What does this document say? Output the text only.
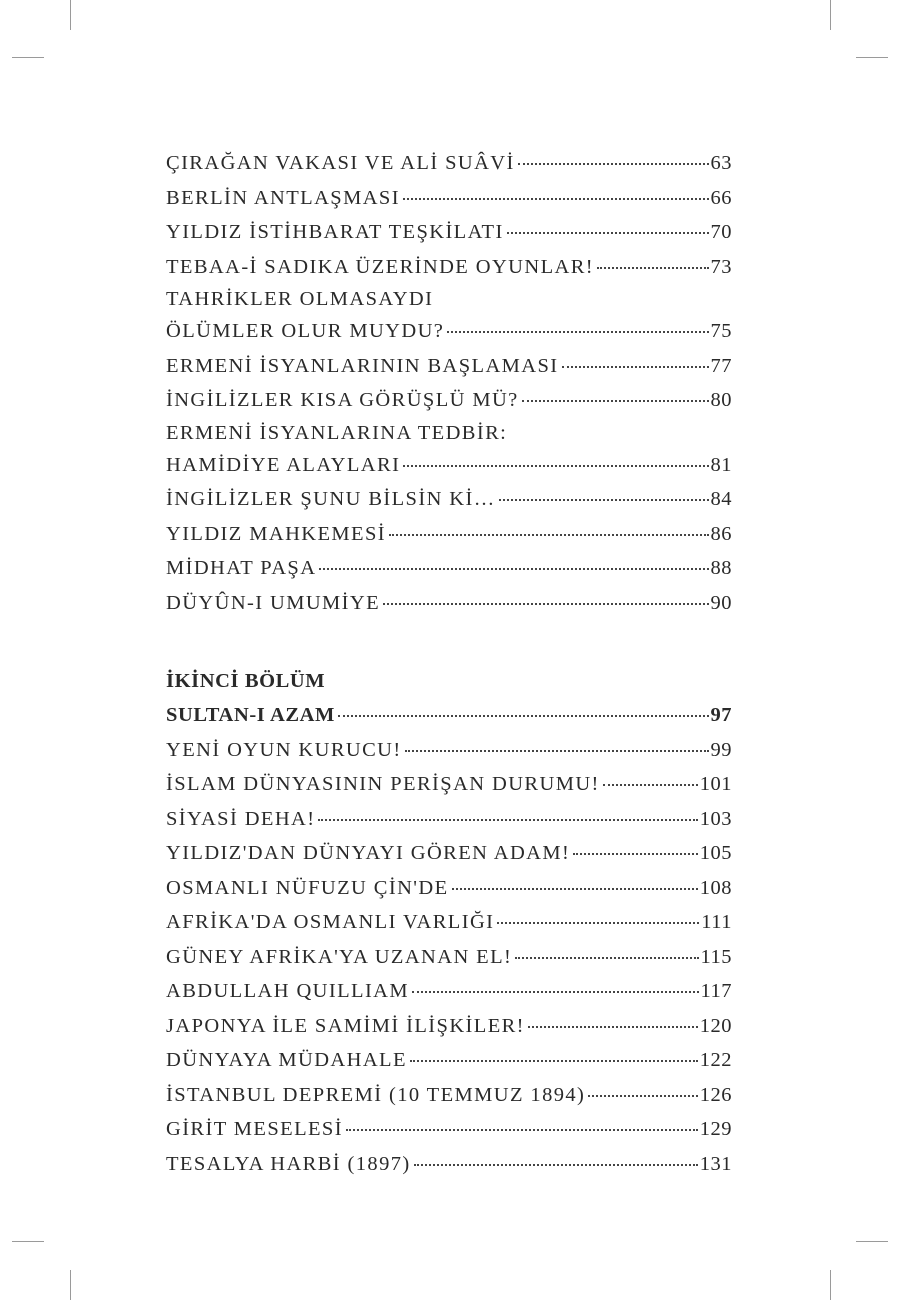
ÇIRAĞAN VAKASI VE ALİ SUÂVİ	63
BERLİN ANTLAŞMASI	66
YILDIZ İSTİHBARAT TEŞKİLATI	70
TEBAA-İ SADIKA ÜZERİNDE OYUNLAR!	73
TAHRİKLER OLMASAYDI
ÖLÜMLER OLUR MUYDU?	75
ERMENİ İSYANLARININ BAŞLAMASI	77
İNGİLİZLER KISA GÖRÜŞLÜ MÜ?	80
ERMENİ İSYANLARINA TEDBİR:
HAMİDİYE ALAYLARI	81
İNGİLİZLER ŞUNU BİLSİN Kİ…	84
YILDIZ MAHKEMESİ	86
MİDHAT PAŞA	88
DÜYÛN-I UMUMİYE	90
İKİNCİ BÖLÜM
SULTAN-I AZAM	97
YENİ OYUN KURUCU!	99
İSLAM DÜNYASININ PERİŞAN DURUMU!	101
SİYASİ DEHA!	103
YILDIZ'DAN DÜNYAYI GÖREN ADAM!	105
OSMANLI NÜFUZU ÇİN'DE	108
AFRİKA'DA OSMANLI VARLIĞI	111
GÜNEY AFRİKA'YA UZANAN EL!	115
ABDULLAH QUILLIAM	117
JAPONYA İLE SAMİMİ İLİŞKİLER!	120
DÜNYAYA MÜDAHALE	122
İSTANBUL DEPREMİ (10 TEMMUZ 1894)	126
GİRİT MESELESİ	129
TESALYA HARBİ (1897)	131
